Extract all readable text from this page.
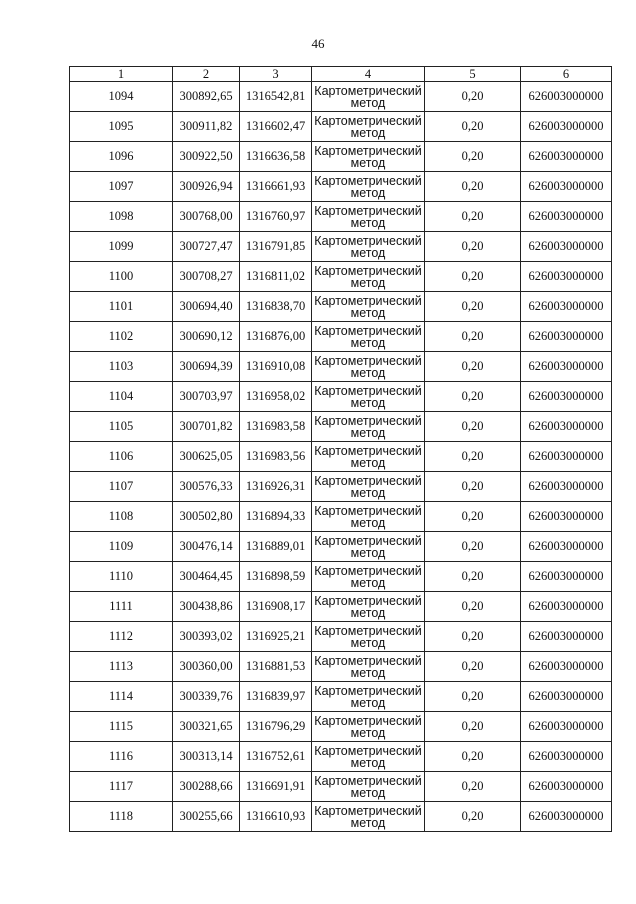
46
1	2	3	4	5	6
1094	300892,65	1316542,81	Картометрический
метод	0,20	626003000000
1095	300911,82	1316602,47	Картометрический
метод	0,20	626003000000
1096	300922,50	1316636,58	Картометрический
метод	0,20	626003000000
1097	300926,94	1316661,93	Картометрический
метод	0,20	626003000000
1098	300768,00	1316760,97	Картометрический
метод	0,20	626003000000
1099	300727,47	1316791,85	Картометрический
метод	0,20	626003000000
1100	300708,27	1316811,02	Картометрический
метод	0,20	626003000000
1101	300694,40	1316838,70	Картометрический
метод	0,20	626003000000
1102	300690,12	1316876,00	Картометрический
метод	0,20	626003000000
1103	300694,39	1316910,08	Картометрический
метод	0,20	626003000000
1104	300703,97	1316958,02	Картометрический
метод	0,20	626003000000
1105	300701,82	1316983,58	Картометрический
метод	0,20	626003000000
1106	300625,05	1316983,56	Картометрический
метод	0,20	626003000000
1107	300576,33	1316926,31	Картометрический
метод	0,20	626003000000
1108	300502,80	1316894,33	Картометрический
метод	0,20	626003000000
1109	300476,14	1316889,01	Картометрический
метод	0,20	626003000000
1110	300464,45	1316898,59	Картометрический
метод	0,20	626003000000
1111	300438,86	1316908,17	Картометрический
метод	0,20	626003000000
1112	300393,02	1316925,21	Картометрический
метод	0,20	626003000000
1113	300360,00	1316881,53	Картометрический
метод	0,20	626003000000
1114	300339,76	1316839,97	Картометрический
метод	0,20	626003000000
1115	300321,65	1316796,29	Картометрический
метод	0,20	626003000000
1116	300313,14	1316752,61	Картометрический
метод	0,20	626003000000
1117	300288,66	1316691,91	Картометрический
метод	0,20	626003000000
1118	300255,66	1316610,93	Картометрический
метод	0,20	626003000000
